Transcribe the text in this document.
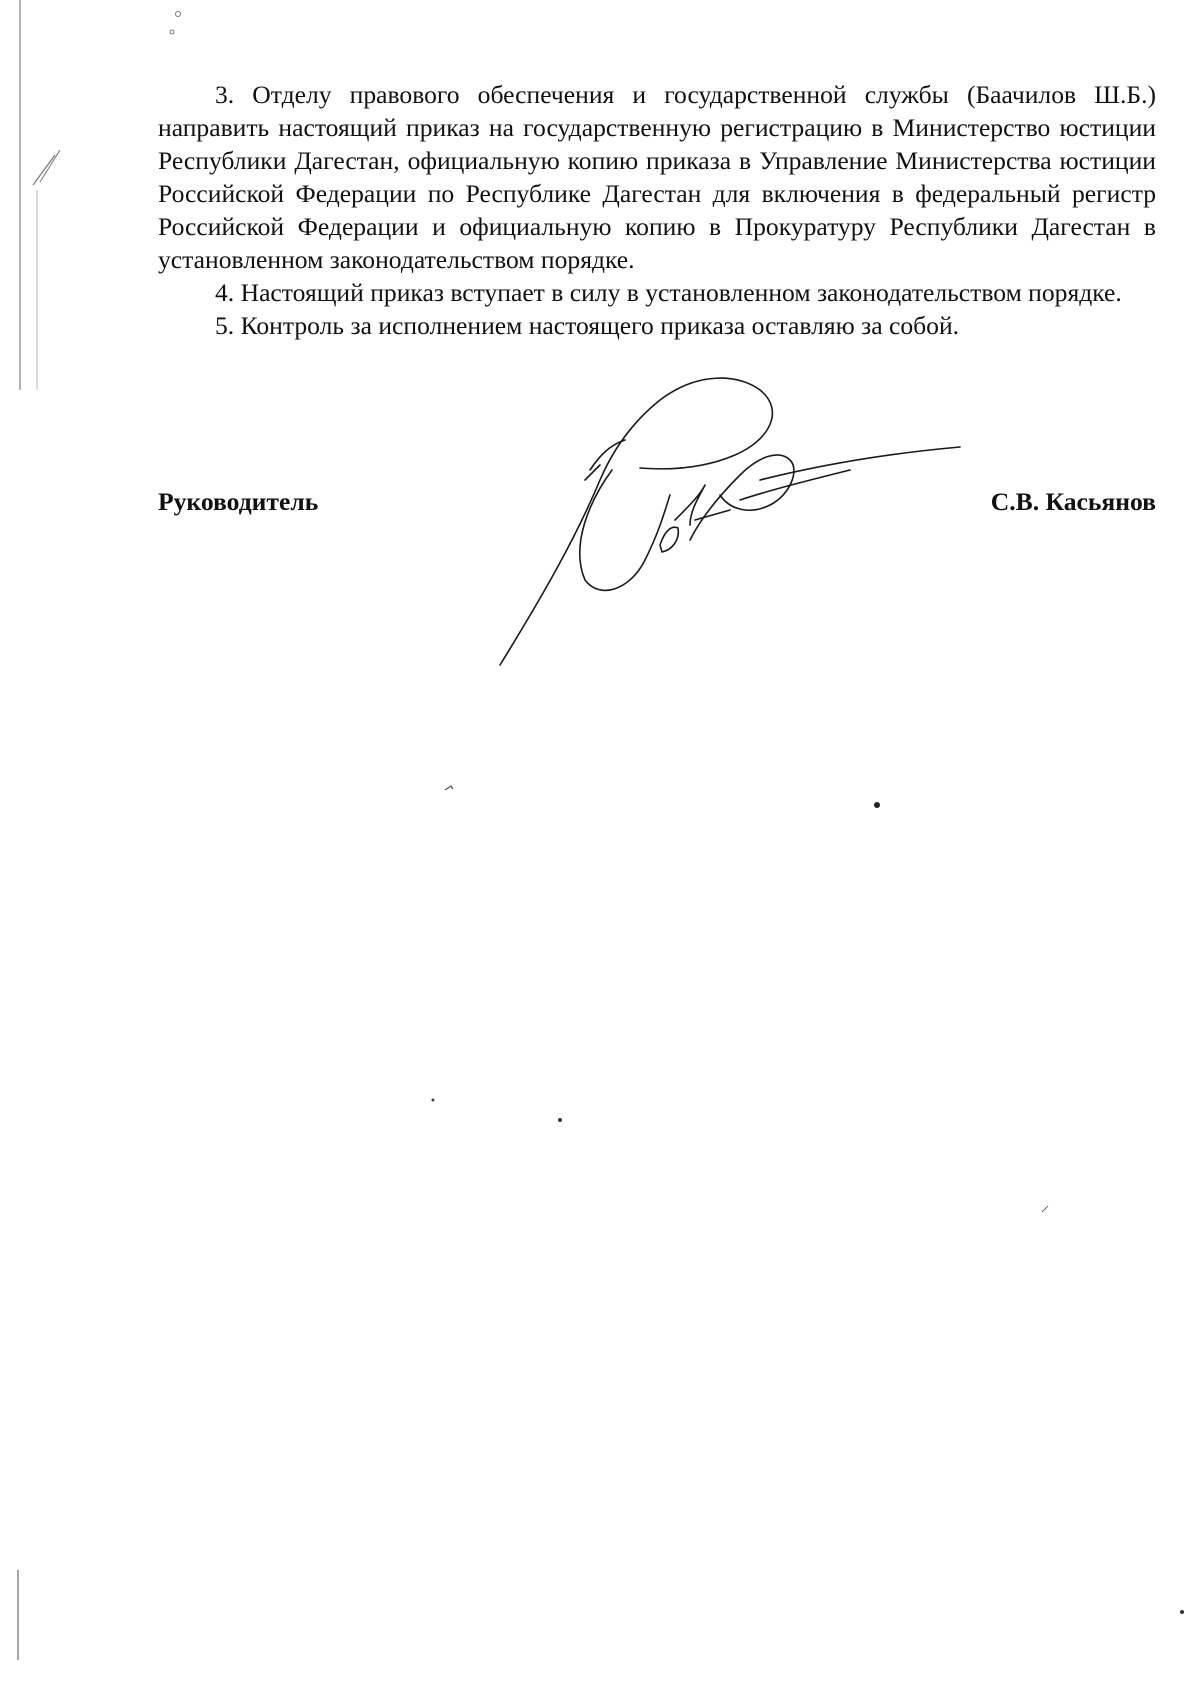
3. Отделу правового обеспечения и государственной службы (Баачилов Ш.Б.) направить настоящий приказ на государственную регистрацию в Министерство юстиции Республики Дагестан, официальную копию приказа в Управление Министерства юстиции Российской Федерации по Республике Дагестан для включения в федеральный регистр Российской Федерации и официальную копию в Прокуратуру Республики Дагестан в установленном законодательством порядке.

4. Настоящий приказ вступает в силу в установленном законодательством порядке.

5. Контроль за исполнением настоящего приказа оставляю за собой.

Руководитель	С.В. Касьянов
